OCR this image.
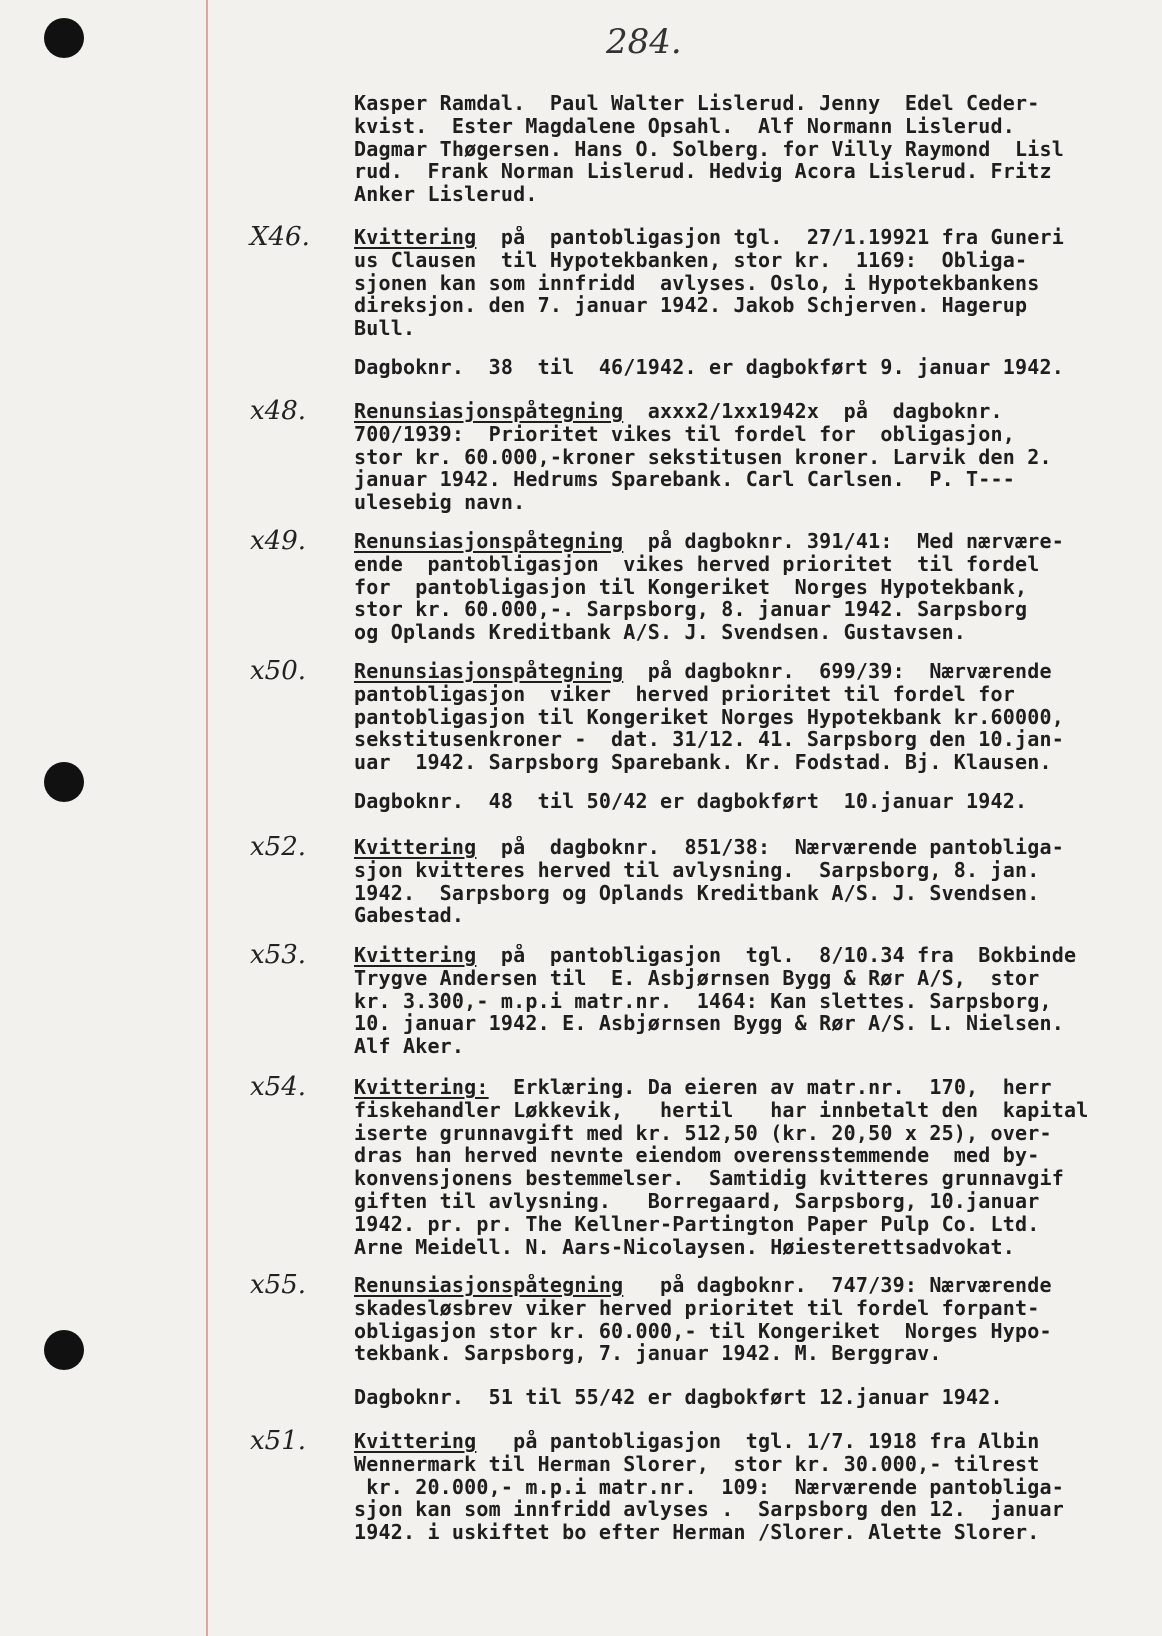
284.
Kasper Ramdal.  Paul Walter Lislerud. Jenny  Edel Ceder-
kvist.  Ester Magdalene Opsahl.  Alf Normann Lislerud.
Dagmar Thøgersen. Hans O. Solberg. for Villy Raymond  Lisl
rud.  Frank Norman Lislerud. Hedvig Acora Lislerud. Fritz
Anker Lislerud.
X46. Kvittering  på  pantobligasjon tgl.  27/1.19921 fra Guneri
us Clausen  til Hypotekbanken, stor kr.  1169:  Obliga-
sjonen kan som innfridd  avlyses. Oslo, i Hypotekbankens
direksjon. den 7. januar 1942. Jakob Schjerven. Hagerup
Bull.
Dagboknr.  38  til  46/1942. er dagbokført 9. januar 1942.
x48. Renunsiasjonspåtegning  axxx2/1xx1942x  på  dagboknr.
700/1939:  Prioritet vikes til fordel for  obligasjon,
stor kr. 60.000,-kroner sekstitusen kroner. Larvik den 2.
januar 1942. Hedrums Sparebank. Carl Carlsen.  P. T---
ulesebig navn.
x49. Renunsiasjonspåtegning  på dagboknr. 391/41:  Med nærvære-
ende  pantobligasjon  vikes herved prioritet  til fordel
for  pantobligasjon til Kongeriket  Norges Hypotekbank,
stor kr. 60.000,-. Sarpsborg, 8. januar 1942. Sarpsborg
og Oplands Kreditbank A/S. J. Svendsen. Gustavsen.
x50. Renunsiasjonspåtegning  på dagboknr.  699/39:  Nærværende
pantobligasjon  viker  herved prioritet til fordel for
pantobligasjon til Kongeriket Norges Hypotekbank kr.60000,
sekstitusenkroner -  dat. 31/12. 41. Sarpsborg den 10.jan-
uar  1942. Sarpsborg Sparebank. Kr. Fodstad. Bj. Klausen.
Dagboknr.  48  til 50/42 er dagbokført  10.januar 1942.
x52. Kvittering  på  dagboknr.  851/38:  Nærværende pantobliga-
sjon kvitteres herved til avlysning.  Sarpsborg, 8. jan.
1942.  Sarpsborg og Oplands Kreditbank A/S. J. Svendsen.
Gabestad.
x53. Kvittering  på  pantobligasjon  tgl.  8/10.34 fra  Bokbinde
Trygve Andersen til  E. Asbjørnsen Bygg & Rør A/S,  stor
kr. 3.300,- m.p.i matr.nr.  1464: Kan slettes. Sarpsborg,
10. januar 1942. E. Asbjørnsen Bygg & Rør A/S. L. Nielsen.
Alf Aker.
x54. Kvittering:  Erklæring. Da eieren av matr.nr.  170,  herr
fiskehandler Løkkevik,   hertil   har innbetalt den  kapital
iserte grunnavgift med kr. 512,50 (kr. 20,50 x 25), over-
dras han herved nevnte eiendom overensstemmende  med by-
konvensjonens bestemmelser.  Samtidig kvitteres grunnavgif
giften til avlysning.   Borregaard, Sarpsborg, 10.januar
1942. pr. pr. The Kellner-Partington Paper Pulp Co. Ltd.
Arne Meidell. N. Aars-Nicolaysen. Høiesterettsadvokat.
x55. Renunsiasjonspåtegning   på dagboknr.  747/39: Nærværende
skadesløsbrev viker herved prioritet til fordel forpant-
obligasjon stor kr. 60.000,- til Kongeriket  Norges Hypo-
tekbank. Sarpsborg, 7. januar 1942. M. Berggrav.
Dagboknr.  51 til 55/42 er dagbokført 12.januar 1942.
x51. Kvittering   på pantobligasjon  tgl. 1/7. 1918 fra Albin
Wennermark til Herman Slorer,  stor kr. 30.000,- tilrest
kr. 20.000,- m.p.i matr.nr.  109:  Nærværende pantobliga-
sjon kan som innfridd avlyses .  Sarpsborg den 12.  januar
1942. i uskiftet bo efter Herman /Slorer. Alette Slorer.
